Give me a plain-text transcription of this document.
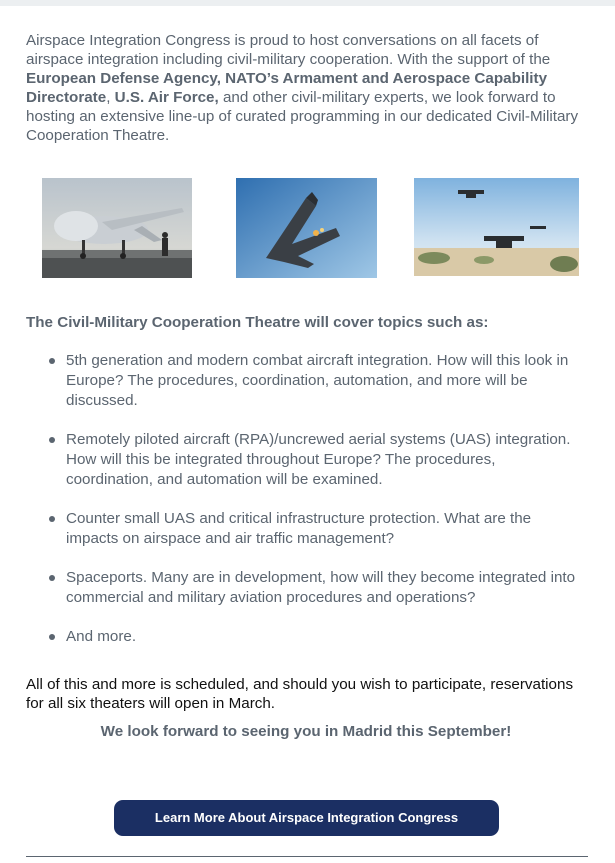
Airspace Integration Congress is proud to host conversations on all facets of airspace integration including civil-military cooperation. With the support of the European Defense Agency, NATO’s Armament and Aerospace Capability Directorate, U.S. Air Force, and other civil-military experts, we look forward to hosting an extensive line-up of curated programming in our dedicated Civil-Military Cooperation Theatre.

The Civil-Military Cooperation Theatre will cover topics such as:
5th generation and modern combat aircraft integration. How will this look in Europe? The procedures, coordination, automation, and more will be discussed.
Remotely piloted aircraft (RPA)/uncrewed aerial systems (UAS) integration. How will this be integrated throughout Europe? The procedures, coordination, and automation will be examined.
Counter small UAS and critical infrastructure protection. What are the impacts on airspace and air traffic management?
Spaceports. Many are in development, how will they become integrated into commercial and military aviation procedures and operations?
And more.

All of this and more is scheduled, and should you wish to participate, reservations for all six theaters will open in March.

We look forward to seeing you in Madrid this September!

Learn More About Airspace Integration Congress
